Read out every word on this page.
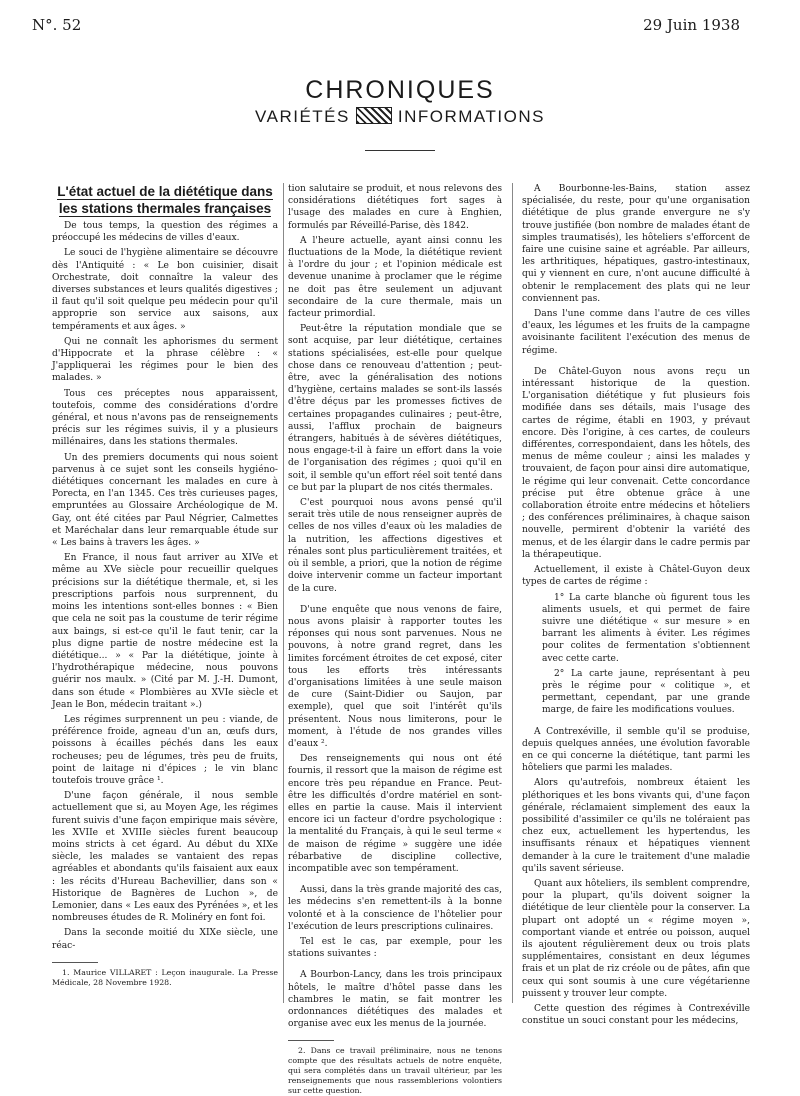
N°. 52	29 Juin 1938
CHRONIQUES
VARIÉTÉS	INFORMATIONS

L'état actuel de la diététique dans les stations thermales françaises

De tous temps, la question des régimes a préoccupé les médecins de villes d'eaux.

Le souci de l'hygiène alimentaire se découvre dès l'Antiquité : « Le bon cuisinier, disait Orchestrate, doit connaître la valeur des diverses substances et leurs qualités digestives ; il faut qu'il soit quelque peu médecin pour qu'il approprie son service aux saisons, aux tempéraments et aux âges. »

Qui ne connaît les aphorismes du serment d'Hippocrate et la phrase célèbre : « J'appliquerai les régimes pour le bien des malades. »

Tous ces préceptes nous apparaissent, toutefois, comme des considérations d'ordre général, et nous n'avons pas de renseignements précis sur les régimes suivis, il y a plusieurs millénaires, dans les stations thermales.

Un des premiers documents qui nous soient parvenus à ce sujet sont les conseils hygiéno-diététiques concernant les malades en cure à Porecta, en l'an 1345. Ces très curieuses pages, empruntées au Glossaire Archéologique de M. Gay, ont été citées par Paul Négrier, Calmettes et Maréchalar dans leur remarquable étude sur « Les bains à travers les âges. »

En France, il nous faut arriver au XIVe et même au XVe siècle pour recueillir quelques précisions sur la diététique thermale, et, si les prescriptions parfois nous surprennent, du moins les intentions sont-elles bonnes : « Bien que cela ne soit pas la coustume de terir régime aux baings, si est-ce qu'il le faut tenir, car la plus digne partie de nostre médecine est la diététique... » « Par la diététique, jointe à l'hydrothérapique médecine, nous pouvons guérir nos maulx. » (Cité par M. J.-H. Dumont, dans son étude « Plombières au XVIe siècle et Jean le Bon, médecin traitant ».)

Les régimes surprennent un peu : viande, de préférence froide, agneau d'un an, œufs durs, poissons à écailles péchés dans les eaux rocheuses; peu de légumes, très peu de fruits, point de laitage ni d'épices ; le vin blanc toutefois trouve grâce ¹.

D'une façon générale, il nous semble actuellement que si, au Moyen Age, les régimes furent suivis d'une façon empirique mais sévère, les XVIIe et XVIIIe siècles furent beaucoup moins stricts à cet égard. Au début du XIXe siècle, les malades se vantaient des repas agréables et abondants qu'ils faisaient aux eaux : les récits d'Hureau Bachevillier, dans son « Historique de Bagnères de Luchon », de Lemonier, dans « Les eaux des Pyrénées », et les nombreuses études de R. Molinéry en font foi.

Dans la seconde moitié du XIXe siècle, une réac-

1. Maurice VILLARET : Leçon inaugurale. La Presse Médicale, 28 Novembre 1928.

tion salutaire se produit, et nous relevons des considérations diététiques fort sages à l'usage des malades en cure à Enghien, formulés par Réveillé-Parise, dès 1842.

A l'heure actuelle, ayant ainsi connu les fluctuations de la Mode, la diététique revient à l'ordre du jour ; et l'opinion médicale est devenue unanime à proclamer que le régime ne doit pas être seulement un adjuvant secondaire de la cure thermale, mais un facteur primordial.

Peut-être la réputation mondiale que se sont acquise, par leur diététique, certaines stations spécialisées, est-elle pour quelque chose dans ce renouveau d'attention ; peut-être, avec la généralisation des notions d'hygiène, certains malades se sont-ils lassés d'être déçus par les promesses fictives de certaines propagandes culinaires ; peut-être, aussi, l'afflux prochain de baigneurs étrangers, habitués à de sévères diététiques, nous engage-t-il à faire un effort dans la voie de l'organisation des régimes ; quoi qu'il en soit, il semble qu'un effort réel soit tenté dans ce but par la plupart de nos cités thermales.

C'est pourquoi nous avons pensé qu'il serait très utile de nous renseigner auprès de celles de nos villes d'eaux où les maladies de la nutrition, les affections digestives et rénales sont plus particulièrement traitées, et où il semble, a priori, que la notion de régime doive intervenir comme un facteur important de la cure.

D'une enquête que nous venons de faire, nous avons plaisir à rapporter toutes les réponses qui nous sont parvenues. Nous ne pouvons, à notre grand regret, dans les limites forcément étroites de cet exposé, citer tous les efforts très intéressants d'organisations limitées à une seule maison de cure (Saint-Didier ou Saujon, par exemple), quel que soit l'intérêt qu'ils présentent. Nous nous limiterons, pour le moment, à l'étude de nos grandes villes d'eaux ².

Des renseignements qui nous ont été fournis, il ressort que la maison de régime est encore très peu répandue en France. Peut-être les difficultés d'ordre matériel en sont-elles en partie la cause. Mais il intervient encore ici un facteur d'ordre psychologique : la mentalité du Français, à qui le seul terme « de maison de régime » suggère une idée rébarbative de discipline collective, incompatible avec son tempérament.

Aussi, dans la très grande majorité des cas, les médecins s'en remettent-ils à la bonne volonté et à la conscience de l'hôtelier pour l'exécution de leurs prescriptions culinaires.

Tel est le cas, par exemple, pour les stations suivantes :

A Bourbon-Lancy, dans les trois principaux hôtels, le maître d'hôtel passe dans les chambres le matin, se fait montrer les ordonnances diététiques des malades et organise avec eux les menus de la journée.

2. Dans ce travail préliminaire, nous ne tenons compte que des résultats actuels de notre enquête, qui sera complétés dans un travail ultérieur, par les renseignements que nous rassemblerions volontiers sur cette question.

A Bourbonne-les-Bains, station assez spécialisée, du reste, pour qu'une organisation diététique de plus grande envergure ne s'y trouve justifiée (bon nombre de malades étant de simples traumatisés), les hôteliers s'efforcent de faire une cuisine saine et agréable. Par ailleurs, les arthritiques, hépatiques, gastro-intestinaux, qui y viennent en cure, n'ont aucune difficulté à obtenir le remplacement des plats qui ne leur conviennent pas.

Dans l'une comme dans l'autre de ces villes d'eaux, les légumes et les fruits de la campagne avoisinante facilitent l'exécution des menus de régime.

De Châtel-Guyon nous avons reçu un intéressant historique de la question. L'organisation diététique y fut plusieurs fois modifiée dans ses détails, mais l'usage des cartes de régime, établi en 1903, y prévaut encore. Dès l'origine, à ces cartes, de couleurs différentes, correspondaient, dans les hôtels, des menus de même couleur ; ainsi les malades y trouvaient, de façon pour ainsi dire automatique, le régime qui leur convenait. Cette concordance précise put être obtenue grâce à une collaboration étroite entre médecins et hôteliers ; des conférences préliminaires, à chaque saison nouvelle, permirent d'obtenir la variété des menus, et de les élargir dans le cadre permis par la thérapeutique.

Actuellement, il existe à Châtel-Guyon deux types de cartes de régime :

1° La carte blanche où figurent tous les aliments usuels, et qui permet de faire suivre une diététique « sur mesure » en barrant les aliments à éviter. Les régimes pour colites de fermentation s'obtiennent avec cette carte.

2° La carte jaune, représentant à peu près le régime pour « colitique », et permettant, cependant, par une grande marge, de faire les modifications voulues.

A Contrexéville, il semble qu'il se produise, depuis quelques années, une évolution favorable en ce qui concerne la diététique, tant parmi les hôteliers que parmi les malades.

Alors qu'autrefois, nombreux étaient les pléthoriques et les bons vivants qui, d'une façon générale, réclamaient simplement des eaux la possibilité d'assimiler ce qu'ils ne toléraient pas chez eux, actuellement les hypertendus, les insuffisants rénaux et hépatiques viennent demander à la cure le traitement d'une maladie qu'ils savent sérieuse.

Quant aux hôteliers, ils semblent comprendre, pour la plupart, qu'ils doivent soigner la diététique de leur clientèle pour la conserver. La plupart ont adopté un « régime moyen », comportant viande et entrée ou poisson, auquel ils ajoutent régulièrement deux ou trois plats supplémentaires, consistant en deux légumes frais et un plat de riz créole ou de pâtes, afin que ceux qui sont soumis à une cure végétarienne puissent y trouver leur compte.

Cette question des régimes à Contrexéville constitue un souci constant pour les médecins,
